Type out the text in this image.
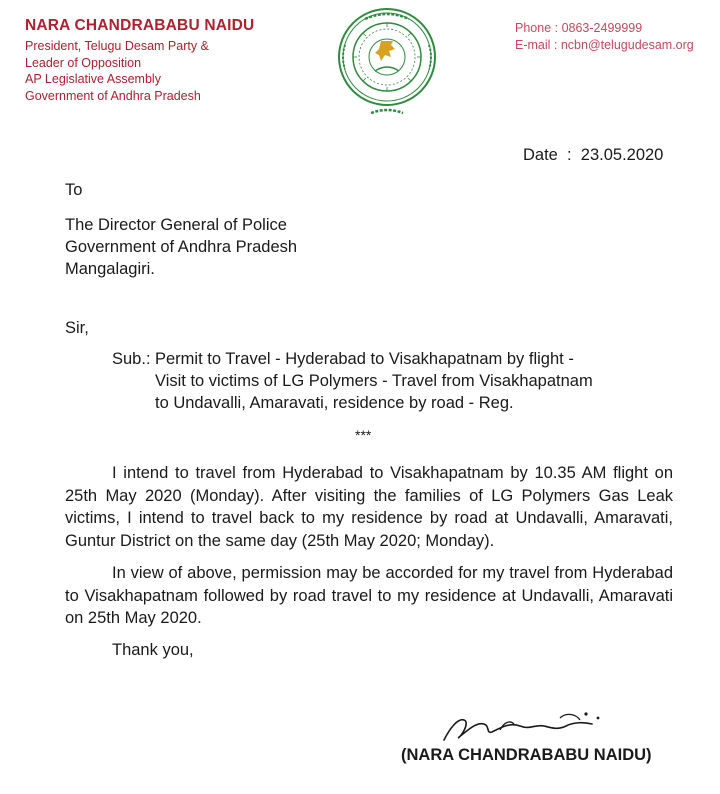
NARA CHANDRABABU NAIDU
President, Telugu Desam Party &
Leader of Opposition
AP Legislative Assembly
Government of Andhra Pradesh
Phone : 0863-2499999
E-mail : ncbn@telugudesam.org
Date  :  23.05.2020
To
The Director General of Police
Government of Andhra Pradesh
Mangalagiri.
Sir,
Sub.: Permit to Travel - Hyderabad to Visakhapatnam by flight -
Visit to victims of LG Polymers - Travel from Visakhapatnam
to Undavalli, Amaravati, residence by road - Reg.
***
I intend to travel from Hyderabad to Visakhapatnam by 10.35 AM flight on 25th May 2020 (Monday). After visiting the families of LG Polymers Gas Leak victims, I intend to travel back to my residence by road at Undavalli, Amaravati, Guntur District on the same day (25th May 2020; Monday).
In view of above, permission may be accorded for my travel from Hyderabad to Visakhapatnam followed by road travel to my residence at Undavalli, Amaravati on 25th May 2020.
Thank you,
(NARA CHANDRABABU NAIDU)
